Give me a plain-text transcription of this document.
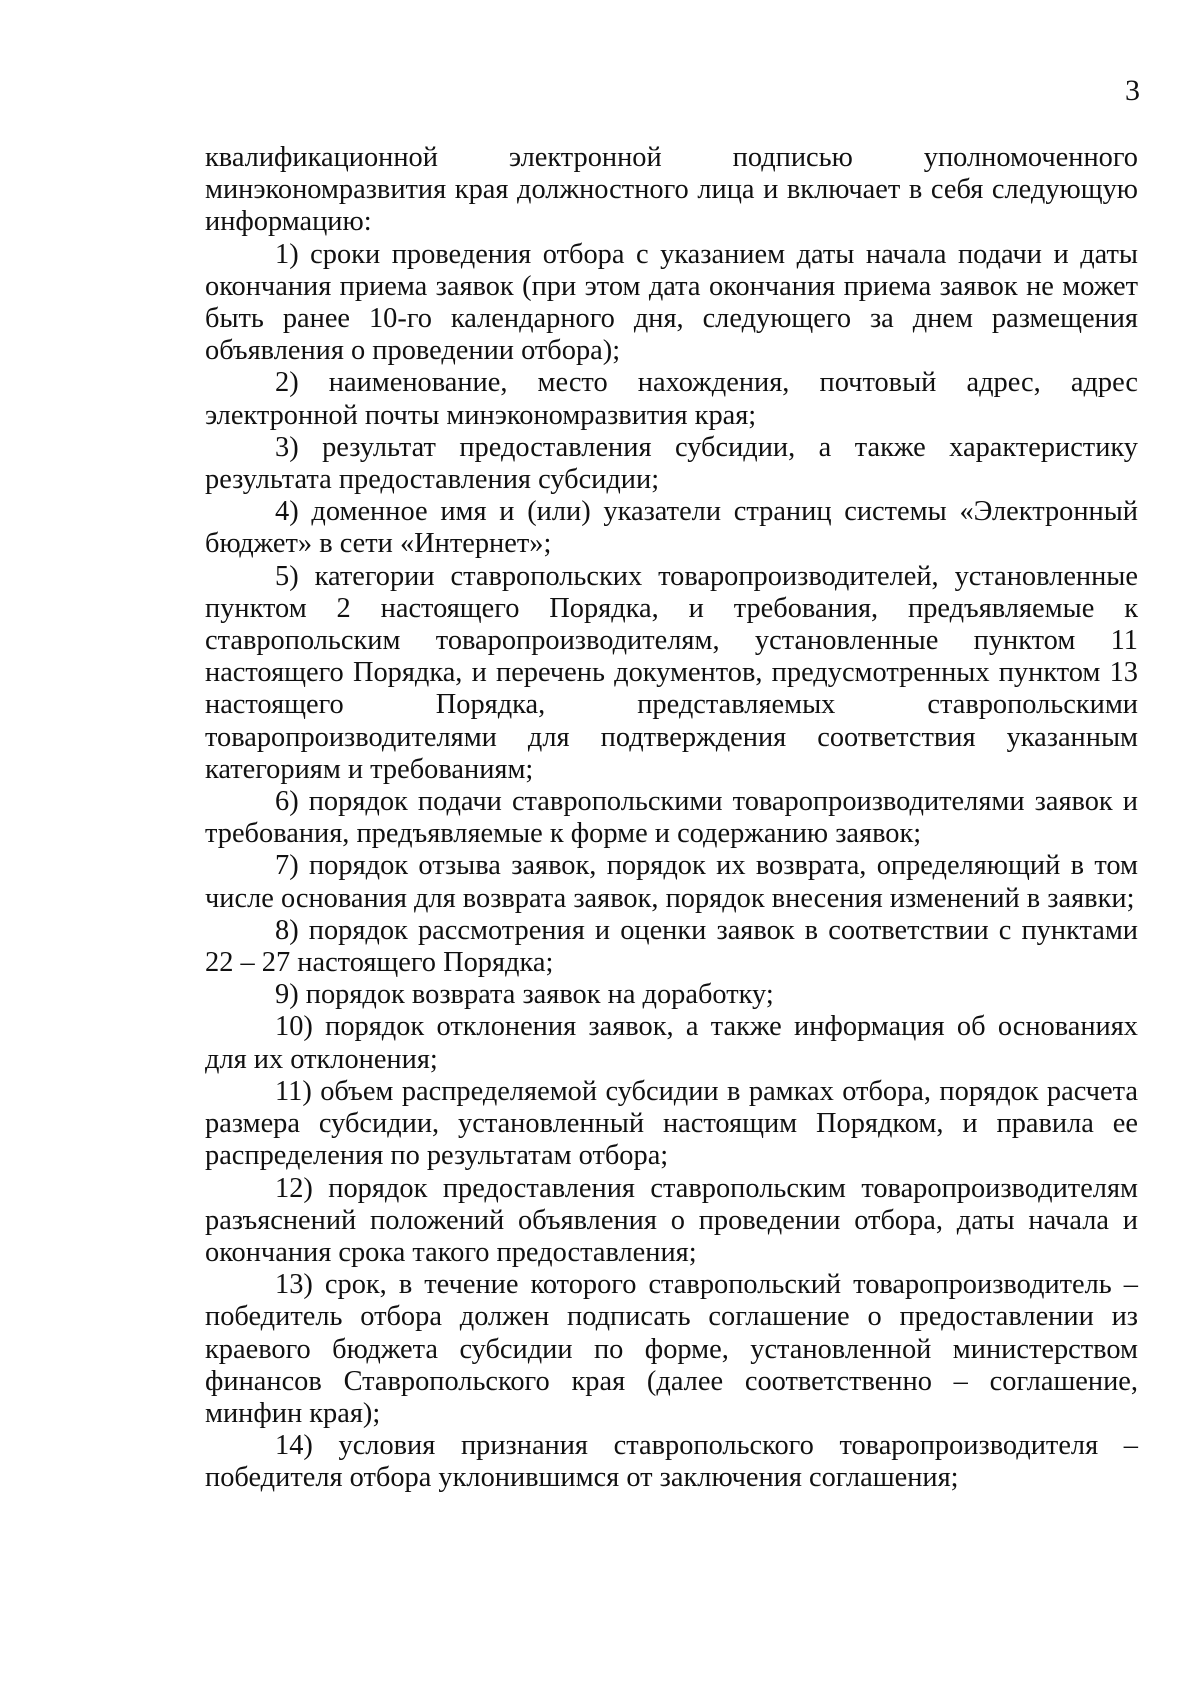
3

квалификационной электронной подписью уполномоченного минэкономразвития края должностного лица и включает в себя следующую информацию:

1) сроки проведения отбора с указанием даты начала подачи и даты окончания приема заявок (при этом дата окончания приема заявок не может быть ранее 10-го календарного дня, следующего за днем размещения объявления о проведении отбора);

2) наименование, место нахождения, почтовый адрес, адрес электронной почты минэкономразвития края;

3) результат предоставления субсидии, а также характеристику результата предоставления субсидии;

4) доменное имя и (или) указатели страниц системы «Электронный бюджет» в сети «Интернет»;

5) категории ставропольских товаропроизводителей, установленные пунктом 2 настоящего Порядка, и требования, предъявляемые к ставропольским товаропроизводителям, установленные пунктом 11 настоящего Порядка, и перечень документов, предусмотренных пунктом 13 настоящего Порядка, представляемых ставропольскими товаропроизводителями для подтверждения соответствия указанным категориям и требованиям;

6) порядок подачи ставропольскими товаропроизводителями заявок и требования, предъявляемые к форме и содержанию заявок;

7) порядок отзыва заявок, порядок их возврата, определяющий в том числе основания для возврата заявок, порядок внесения изменений в заявки;

8) порядок рассмотрения и оценки заявок в соответствии с пунктами 22 – 27 настоящего Порядка;

9) порядок возврата заявок на доработку;

10) порядок отклонения заявок, а также информация об основаниях для их отклонения;

11) объем распределяемой субсидии в рамках отбора, порядок расчета размера субсидии, установленный настоящим Порядком, и правила ее распределения по результатам отбора;

12) порядок предоставления ставропольским товаропроизводителям разъяснений положений объявления о проведении отбора, даты начала и окончания срока такого предоставления;

13) срок, в течение которого ставропольский товаропроизводитель – победитель отбора должен подписать соглашение о предоставлении из краевого бюджета субсидии по форме, установленной министерством финансов Ставропольского края (далее соответственно – соглашение, минфин края);

14) условия признания ставропольского товаропроизводителя – победителя отбора уклонившимся от заключения соглашения;
